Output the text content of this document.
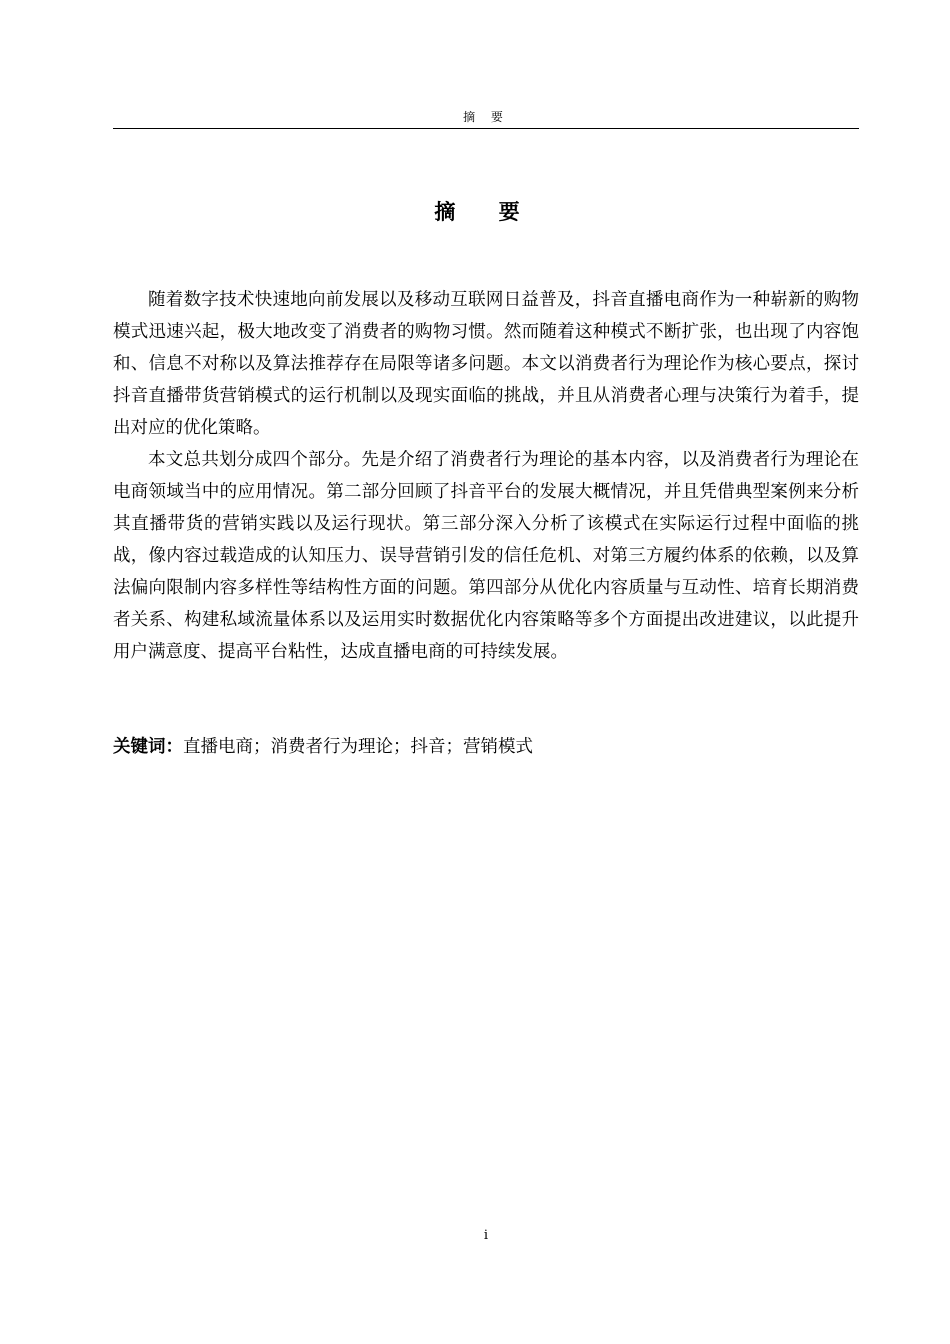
摘 要
摘 要

随着数字技术快速地向前发展以及移动互联网日益普及，抖音直播电商作为一种崭新的购物模式迅速兴起，极大地改变了消费者的购物习惯。然而随着这种模式不断扩张，也出现了内容饱和、信息不对称以及算法推荐存在局限等诸多问题。本文以消费者行为理论作为核心要点，探讨抖音直播带货营销模式的运行机制以及现实面临的挑战，并且从消费者心理与决策行为着手，提出对应的优化策略。

本文总共划分成四个部分。先是介绍了消费者行为理论的基本内容，以及消费者行为理论在电商领域当中的应用情况。第二部分回顾了抖音平台的发展大概情况，并且凭借典型案例来分析其直播带货的营销实践以及运行现状。第三部分深入分析了该模式在实际运行过程中面临的挑战，像内容过载造成的认知压力、误导营销引发的信任危机、对第三方履约体系的依赖，以及算法偏向限制内容多样性等结构性方面的问题。第四部分从优化内容质量与互动性、培育长期消费者关系、构建私域流量体系以及运用实时数据优化内容策略等多个方面提出改进建议，以此提升用户满意度、提高平台粘性，达成直播电商的可持续发展。

关键词：直播电商；消费者行为理论；抖音；营销模式
i
